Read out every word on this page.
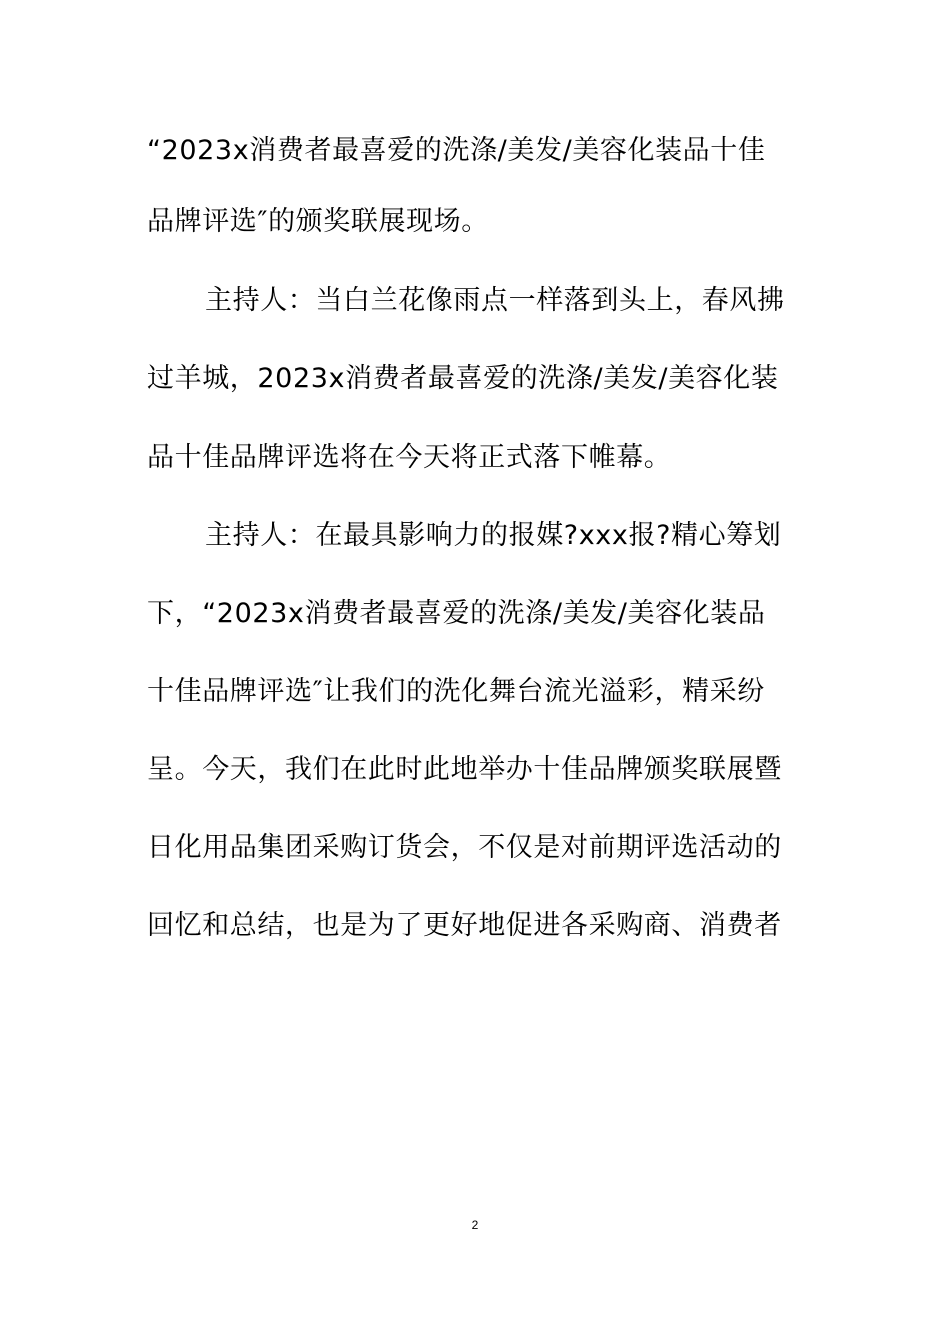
“2023x消费者最喜爱的洗涤/美发/美容化装品十佳
品牌评选″的颁奖联展现场。
主持人：当白兰花像雨点一样落到头上，春风拂
过羊城，2023x消费者最喜爱的洗涤/美发/美容化装
品十佳品牌评选将在今天将正式落下帷幕。
主持人：在最具影响力的报媒?xxx报?精心筹划
下，“2023x消费者最喜爱的洗涤/美发/美容化装品
十佳品牌评选″让我们的洗化舞台流光溢彩，精采纷
呈。今天，我们在此时此地举办十佳品牌颁奖联展暨
日化用品集团采购订货会，不仅是对前期评选活动的
回忆和总结，也是为了更好地促进各采购商、消费者
2
